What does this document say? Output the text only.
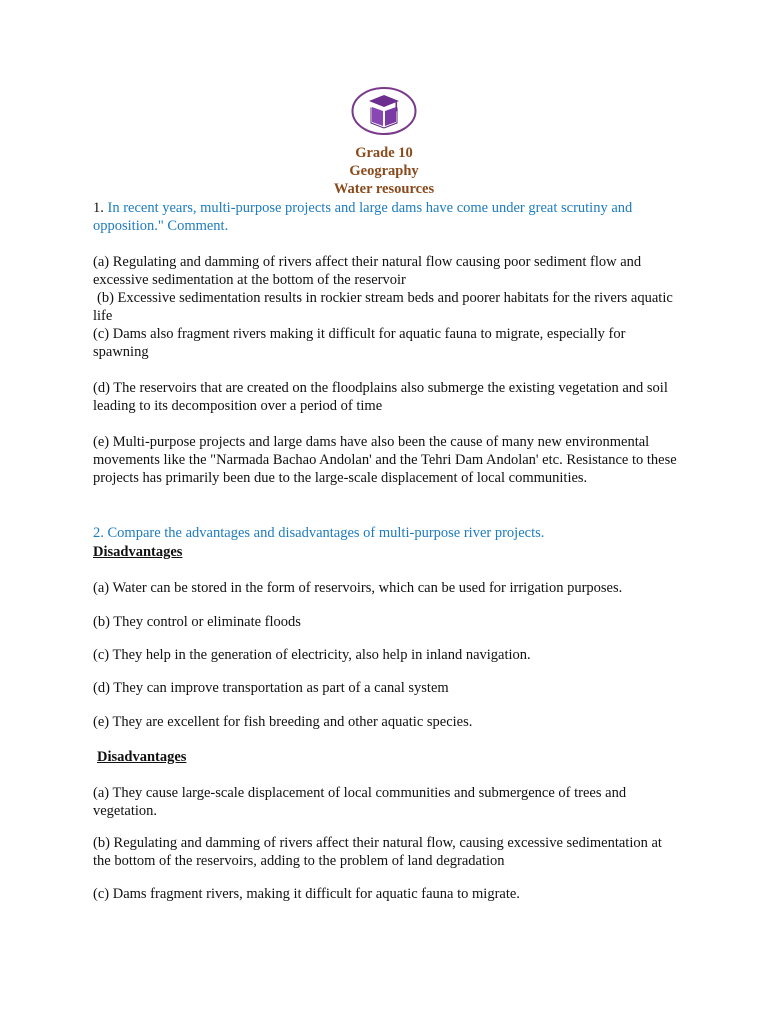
Grade 10
Geography
Water resources

1. In recent years, multi-purpose projects and large dams have come under great scrutiny and opposition." Comment.

(a) Regulating and damming of rivers affect their natural flow causing poor sediment flow and excessive sedimentation at the bottom of the reservoir

(b) Excessive sedimentation results in rockier stream beds and poorer habitats for the rivers aquatic life

(c) Dams also fragment rivers making it difficult for aquatic fauna to migrate, especially for spawning

(d) The reservoirs that are created on the floodplains also submerge the existing vegetation and soil leading to its decomposition over a period of time

(e) Multi-purpose projects and large dams have also been the cause of many new environmental movements like the "Narmada Bachao Andolan' and the Tehri Dam Andolan' etc. Resistance to these projects has primarily been due to the large-scale displacement of local communities.

2. Compare the advantages and disadvantages of multi-purpose river projects.
Disadvantages
(a) Water can be stored in the form of reservoirs, which can be used for irrigation purposes.
(b) They control or eliminate floods
(c) They help in the generation of electricity, also help in inland navigation.
(d) They can improve transportation as part of a canal system
(e) They are excellent for fish breeding and other aquatic species.
Disadvantages
(a) They cause large-scale displacement of local communities and submergence of trees and vegetation.
(b) Regulating and damming of rivers affect their natural flow, causing excessive sedimentation at the bottom of the reservoirs, adding to the problem of land degradation
(c) Dams fragment rivers, making it difficult for aquatic fauna to migrate.
